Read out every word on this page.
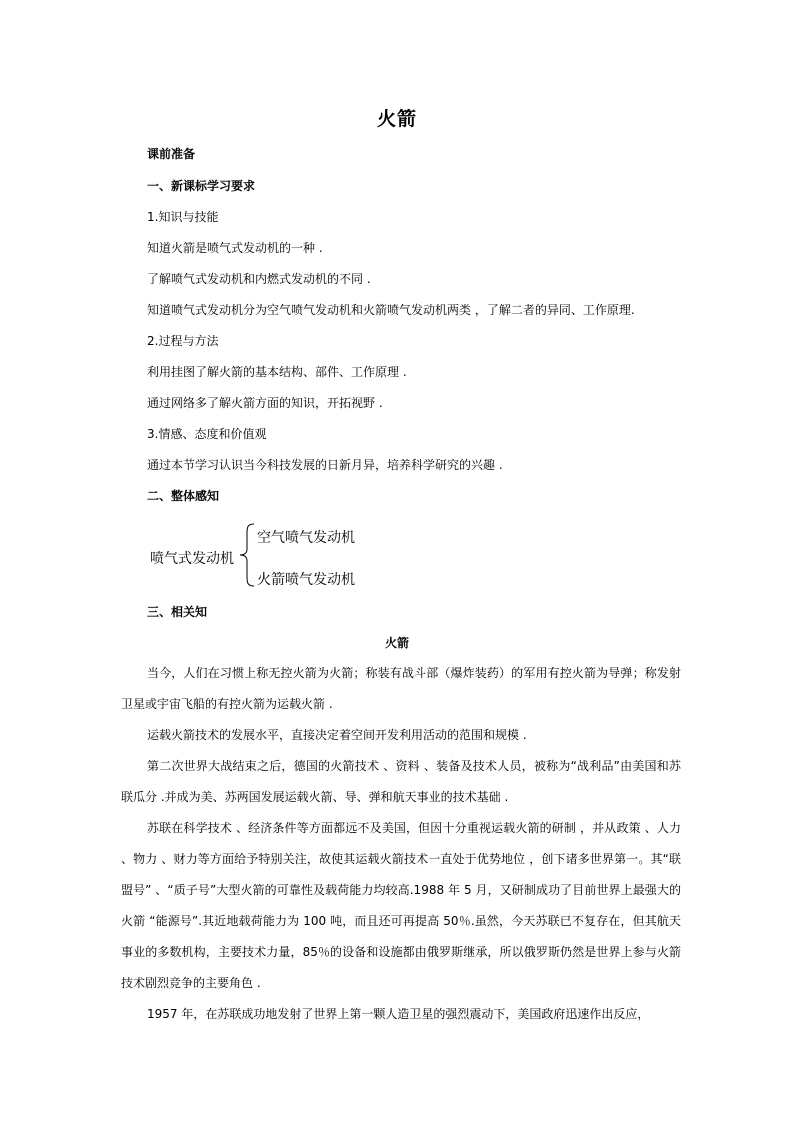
火箭
课前准备
一、新课标学习要求
1.知识与技能
知道火箭是喷气式发动机的一种 .
了解喷气式发动机和内燃式发动机的不同 .
知道喷气式发动机分为空气喷气发动机和火箭喷气发动机两类 ，了解二者的异同、工作原理.
2.过程与方法
利用挂图了解火箭的基本结构、部件、工作原理 .
通过网络多了解火箭方面的知识，开拓视野 .
3.情感、态度和价值观
通过本节学习认识当今科技发展的日新月异，培养科学研究的兴趣 .
二、整体感知
喷气式发动机
空气喷气发动机
火箭喷气发动机
三、相关知
火箭

当今，人们在习惯上称无控火箭为火箭；称装有战斗部（爆炸装药）的军用有控火箭为导弹；称发射卫星或宇宙飞船的有控火箭为运载火箭 .

运载火箭技术的发展水平，直接决定着空间开发利用活动的范围和规模 .

第二次世界大战结束之后，德国的火箭技术 、资料 、装备及技术人员，被称为“战利品”由美国和苏联瓜分 .并成为美、苏两国发展运载火箭、导、弹和航天事业的技术基础 .

苏联在科学技术 、经济条件等方面都远不及美国，但因十分重视运载火箭的研制 ，并从政策 、人力 、物力 、财力等方面给予特别关注，故使其运载火箭技术一直处于优势地位 ，创下诸多世界第一。其“联盟号” 、“质子号”大型火箭的可靠性及载荷能力均较高.1988 年 5 月，又研制成功了目前世界上最强大的火箭 “能源号”.其近地载荷能力为 100 吨，而且还可再提高 50％.虽然，今天苏联已不复存在，但其航天事业的多数机构，主要技术力量，85％的设备和设施都由俄罗斯继承，所以俄罗斯仍然是世界上参与火箭技术剧烈竞争的主要角色 .

1957 年，在苏联成功地发射了世界上第一颗人造卫星的强烈震动下，美国政府迅速作出反应，
